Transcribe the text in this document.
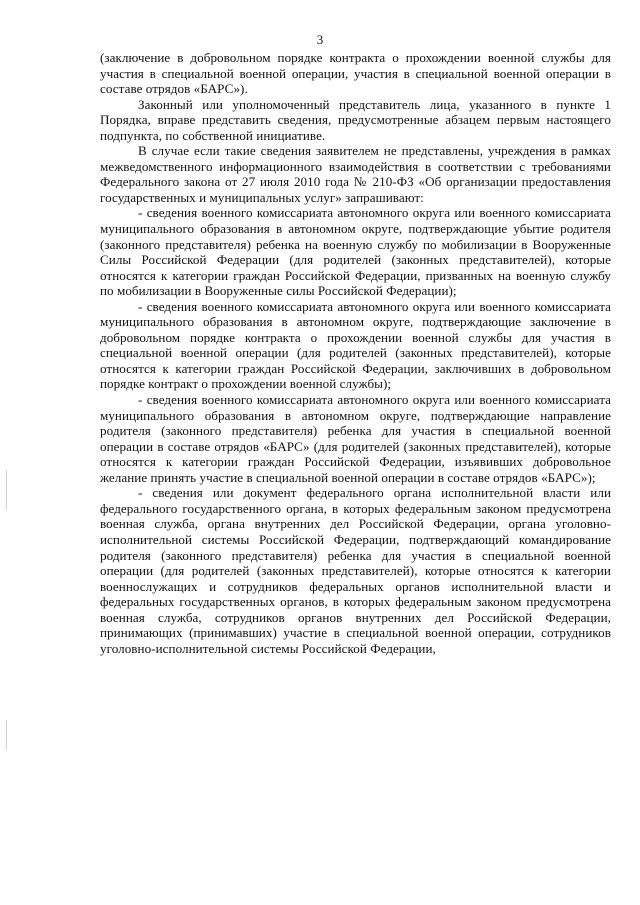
3

(заключение в добровольном порядке контракта о прохождении военной службы для участия в специальной военной операции, участия в специальной военной операции в составе отрядов «БАРС»).

Законный или уполномоченный представитель лица, указанного в пункте 1 Порядка, вправе представить сведения, предусмотренные абзацем первым настоящего подпункта, по собственной инициативе.

В случае если такие сведения заявителем не представлены, учреждения в рамках межведомственного информационного взаимодействия в соответствии с требованиями Федерального закона от 27 июля 2010 года № 210-ФЗ «Об организации предоставления государственных и муниципальных услуг» запрашивают:

- сведения военного комиссариата автономного округа или военного комиссариата муниципального образования в автономном округе, подтверждающие убытие родителя (законного представителя) ребенка на военную службу по мобилизации в Вооруженные Силы Российской Федерации (для родителей (законных представителей), которые относятся к категории граждан Российской Федерации, призванных на военную службу по мобилизации в Вооруженные силы Российской Федерации);

- сведения военного комиссариата автономного округа или военного комиссариата муниципального образования в автономном округе, подтверждающие заключение в добровольном порядке контракта о прохождении военной службы для участия в специальной военной операции (для родителей (законных представителей), которые относятся к категории граждан Российской Федерации, заключивших в добровольном порядке контракт о прохождении военной службы);

- сведения военного комиссариата автономного округа или военного комиссариата муниципального образования в автономном округе, подтверждающие направление родителя (законного представителя) ребенка для участия в специальной военной операции в составе отрядов «БАРС» (для родителей (законных представителей), которые относятся к категории граждан Российской Федерации, изъявивших добровольное желание принять участие в специальной военной операции в составе отрядов «БАРС»);

- сведения или документ федерального органа исполнительной власти или федерального государственного органа, в которых федеральным законом предусмотрена военная служба, органа внутренних дел Российской Федерации, органа уголовно-исполнительной системы Российской Федерации, подтверждающий командирование родителя (законного представителя) ребенка для участия в специальной военной операции (для родителей (законных представителей), которые относятся к категории военнослужащих и сотрудников федеральных органов исполнительной власти и федеральных государственных органов, в которых федеральным законом предусмотрена военная служба, сотрудников органов внутренних дел Российской Федерации, принимающих (принимавших) участие в специальной военной операции, сотрудников уголовно-исполнительной системы Российской Федерации,
